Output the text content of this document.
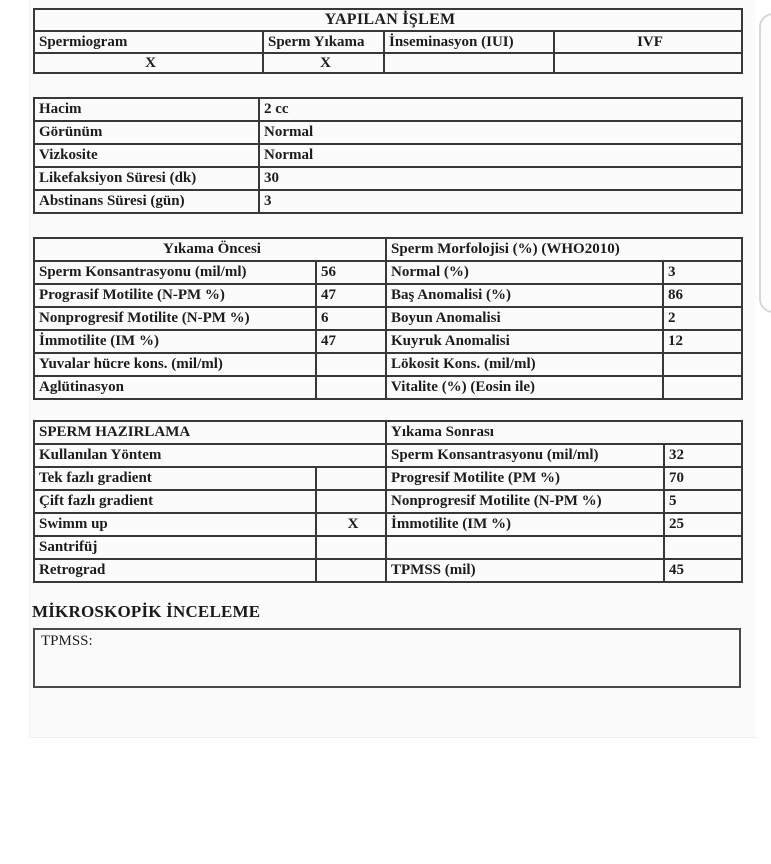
YAPILAN İŞLEM			
Spermiogram	Sperm Yıkama	İnseminasyon (IUI)	IVF
X	X		
Hacim	2 cc
Görünüm	Normal
Vizkosite	Normal
Likefaksiyon Süresi (dk)	30
Abstinans Süresi (gün)	3
Yıkama Öncesi		Sperm Morfolojisi (%) (WHO2010)	
Sperm Konsantrasyonu (mil/ml)	56	Normal (%)	3
Prograsif Motilite (N-PM %)	47	Baş Anomalisi (%)	86
Nonprogresif Motilite (N-PM %)	6	Boyun Anomalisi	2
İmmotilite (IM %)	47	Kuyruk Anomalisi	12
Yuvalar hücre kons. (mil/ml)		Lökosit Kons. (mil/ml)	
Aglütinasyon		Vitalite (%) (Eosin ile)	
SPERM HAZIRLAMA		Yıkama Sonrası	
Kullanılan Yöntem		Sperm Konsantrasyonu (mil/ml)	32
Tek fazlı gradient		Progresif Motilite (PM %)	70
Çift fazlı gradient		Nonprogresif Motilite (N-PM %)	5
Swimm up	X	İmmotilite (IM %)	25
Santrifüj			
Retrograd		TPMSS (mil)	45
MİKROSKOPİK İNCELEME
TPMSS:
